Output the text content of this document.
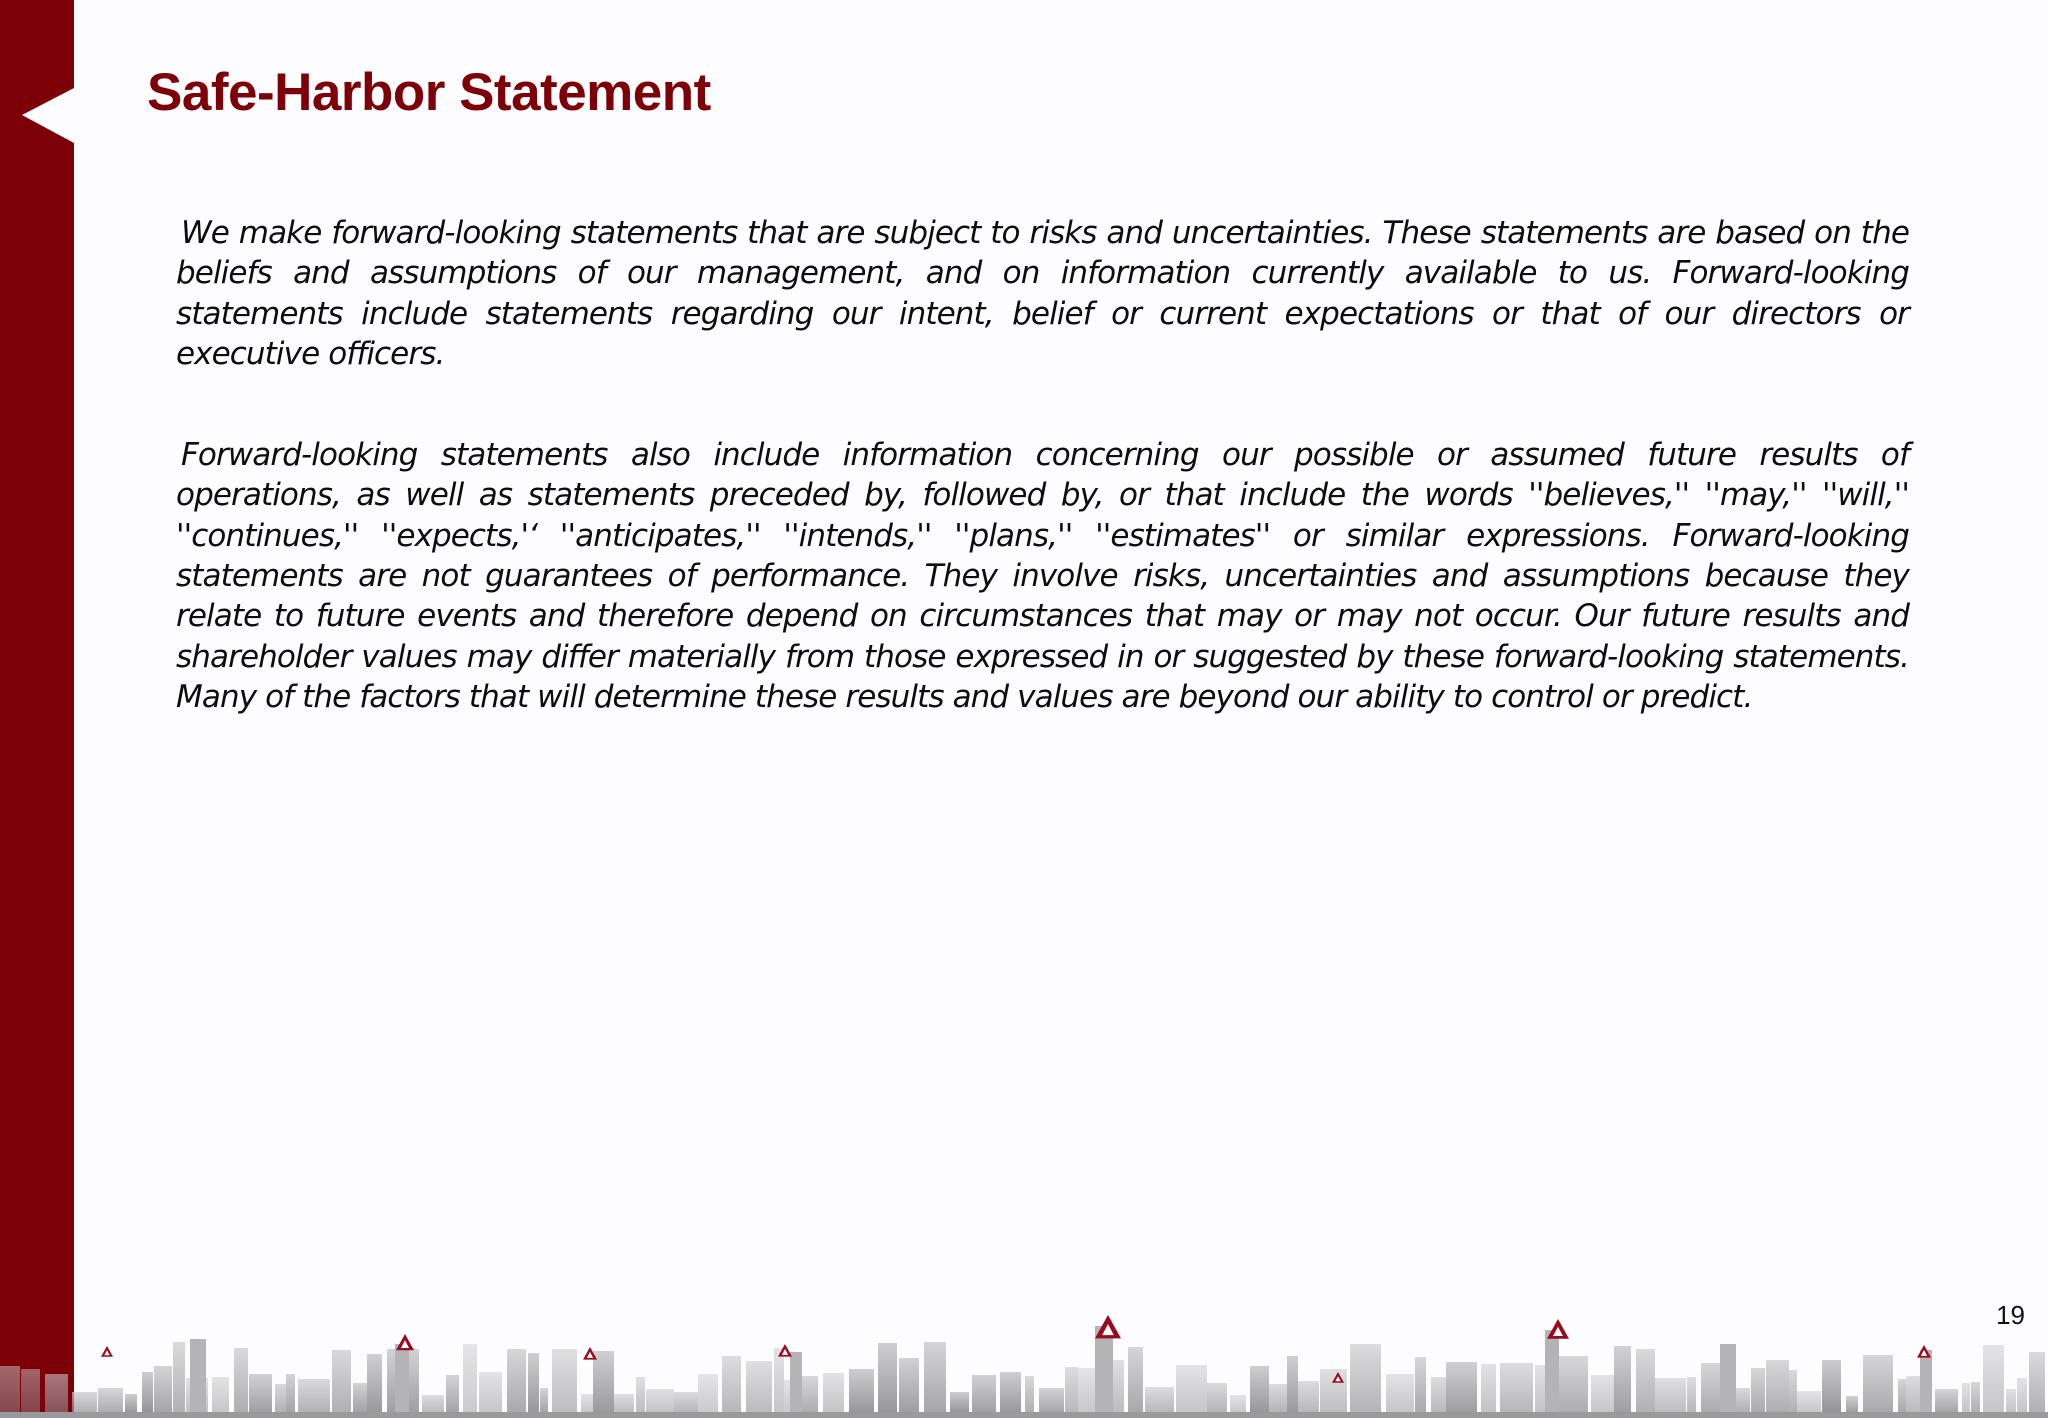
Safe-Harbor Statement

We make forward-looking statements that are subject to risks and uncertainties. These statements are based on the beliefs and assumptions of our management, and on information currently available to us. Forward-looking statements include statements regarding our intent, belief or current expectations or that of our directors or executive officers.

Forward-looking statements also include information concerning our possible or assumed future results of operations, as well as statements preceded by, followed by, or that include the words ''believes,'' ''may,'' ''will,'' ''continues,'' ''expects,'‘ ''anticipates,'' ''intends,'' ''plans,'' ''estimates'' or similar expressions. Forward-looking statements are not guarantees of performance. They involve risks, uncertainties and assumptions because they relate to future events and therefore depend on circumstances that may or may not occur. Our future results and shareholder values may differ materially from those expressed in or suggested by these forward-looking statements. Many of the factors that will determine these results and values are beyond our ability to control or predict.

19
